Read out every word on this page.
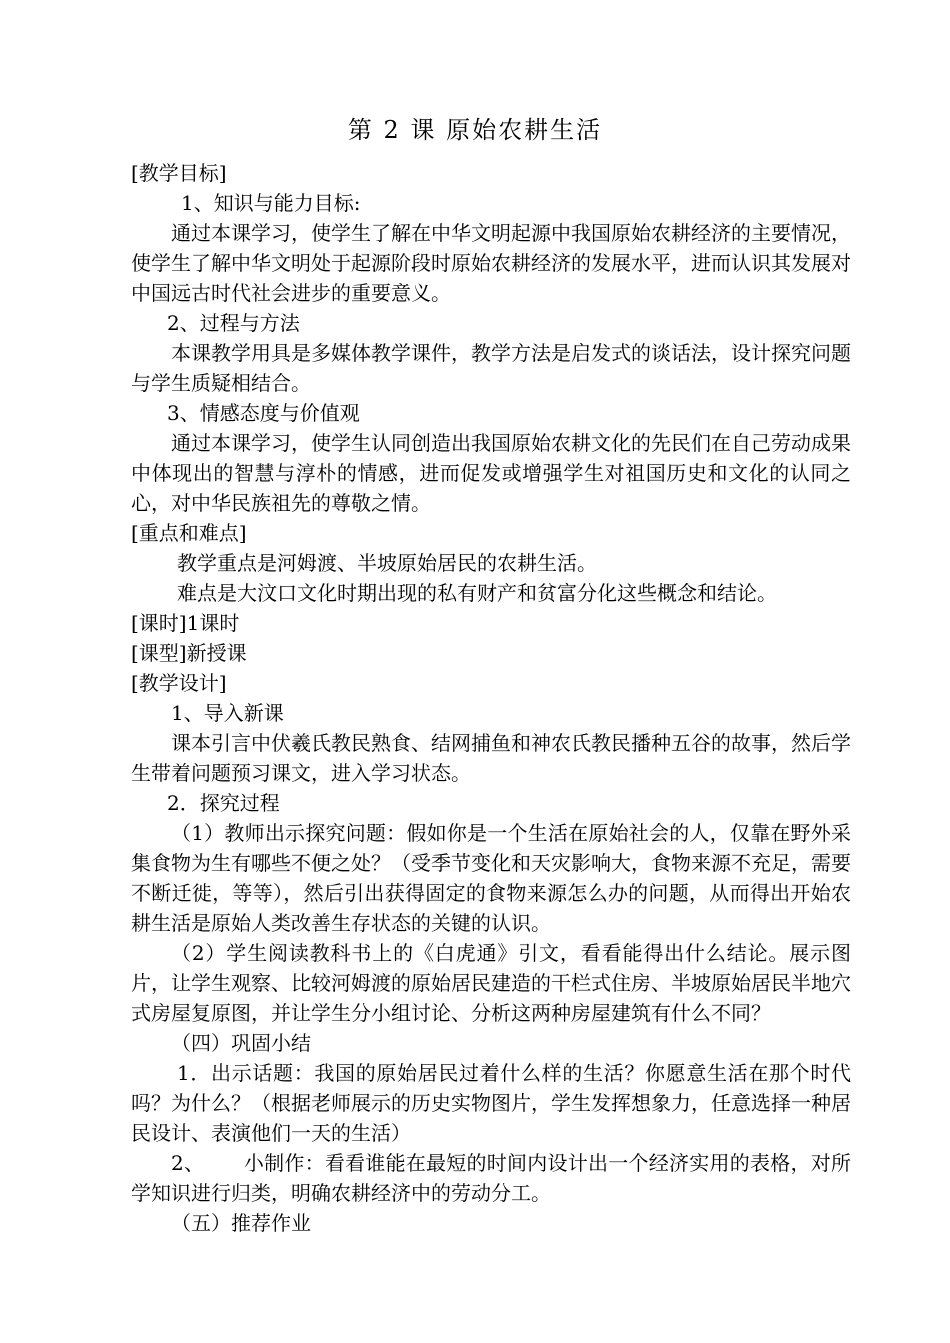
第 2 课 原始农耕生活

[教学目标]

1、知识与能力目标:

通过本课学习，使学生了解在中华文明起源中我国原始农耕经济的主要情况，使学生了解中华文明处于起源阶段时原始农耕经济的发展水平，进而认识其发展对中国远古时代社会进步的重要意义。

2、过程与方法

本课教学用具是多媒体教学课件，教学方法是启发式的谈话法，设计探究问题与学生质疑相结合。

3、情感态度与价值观

通过本课学习，使学生认同创造出我国原始农耕文化的先民们在自己劳动成果中体现出的智慧与淳朴的情感，进而促发或增强学生对祖国历史和文化的认同之心，对中华民族祖先的尊敬之情。

[重点和难点]

教学重点是河姆渡、半坡原始居民的农耕生活。

难点是大汶口文化时期出现的私有财产和贫富分化这些概念和结论。

[课时]1课时

[课型]新授课

[教学设计]

1、导入新课

课本引言中伏羲氏教民熟食、结网捕鱼和神农氏教民播种五谷的故事，然后学生带着问题预习课文，进入学习状态。

2．探究过程

（1）教师出示探究问题：假如你是一个生活在原始社会的人，仅靠在野外采集食物为生有哪些不便之处？（受季节变化和天灾影响大，食物来源不充足，需要不断迁徙，等等），然后引出获得固定的食物来源怎么办的问题，从而得出开始农耕生活是原始人类改善生存状态的关键的认识。

（2）学生阅读教科书上的《白虎通》引文，看看能得出什么结论。展示图片，让学生观察、比较河姆渡的原始居民建造的干栏式住房、半坡原始居民半地穴式房屋复原图，并让学生分小组讨论、分析这两种房屋建筑有什么不同？

（四）巩固小结

1．出示话题：我国的原始居民过着什么样的生活？你愿意生活在那个时代吗？为什么？（根据老师展示的历史实物图片，学生发挥想象力，任意选择一种居民设计、表演他们一天的生活）

2、      小制作：看看谁能在最短的时间内设计出一个经济实用的表格，对所学知识进行归类，明确农耕经济中的劳动分工。

（五）推荐作业
